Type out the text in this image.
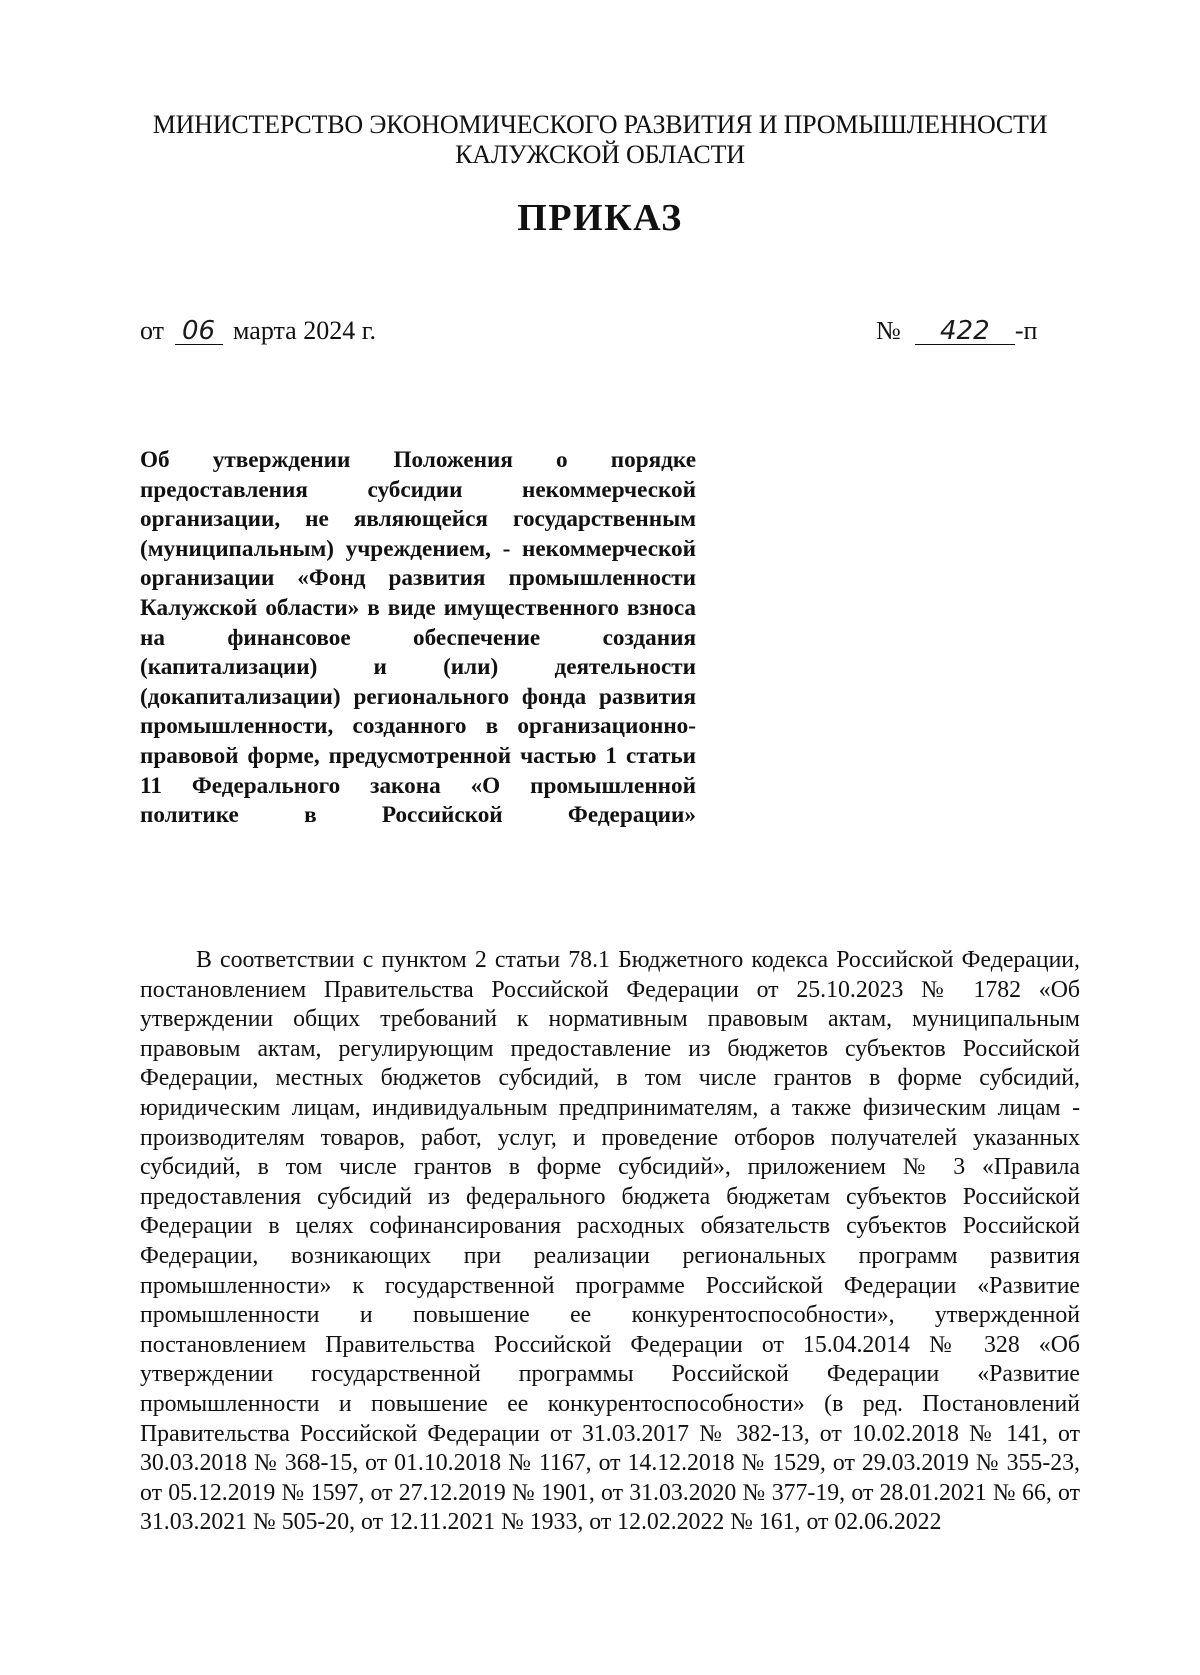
МИНИСТЕРСТВО ЭКОНОМИЧЕСКОГО РАЗВИТИЯ И ПРОМЫШЛЕННОСТИ
КАЛУЖСКОЙ ОБЛАСТИ
ПРИКАЗ
от 06 марта 2024 г.	№ 422 -п

Об утверждении Положения о порядке предоставления субсидии некоммерческой организации, не являющейся государственным (муниципальным) учреждением, - некоммерческой организации «Фонд развития промышленности Калужской области» в виде имущественного взноса на финансовое обеспечение создания (капитализации) и (или) деятельности (докапитализации) регионального фонда развития промышленности, созданного в организационно-правовой форме, предусмотренной частью 1 статьи 11 Федерального закона «О промышленной политике в Российской Федерации»

В соответствии с пунктом 2 статьи 78.1 Бюджетного кодекса Российской Федерации, постановлением Правительства Российской Федерации от 25.10.2023 № 1782 «Об утверждении общих требований к нормативным правовым актам, муниципальным правовым актам, регулирующим предоставление из бюджетов субъектов Российской Федерации, местных бюджетов субсидий, в том числе грантов в форме субсидий, юридическим лицам, индивидуальным предпринимателям, а также физическим лицам - производителям товаров, работ, услуг, и проведение отборов получателей указанных субсидий, в том числе грантов в форме субсидий», приложением № 3 «Правила предоставления субсидий из федерального бюджета бюджетам субъектов Российской Федерации в целях софинансирования расходных обязательств субъектов Российской Федерации, возникающих при реализации региональных программ развития промышленности» к государственной программе Российской Федерации «Развитие промышленности и повышение ее конкурентоспособности», утвержденной постановлением Правительства Российской Федерации от 15.04.2014 № 328 «Об утверждении государственной программы Российской Федерации «Развитие промышленности и повышение ее конкурентоспособности» (в ред. Постановлений Правительства Российской Федерации от 31.03.2017 № 382-13, от 10.02.2018 № 141, от 30.03.2018 № 368-15, от 01.10.2018 № 1167, от 14.12.2018 № 1529, от 29.03.2019 № 355-23, от 05.12.2019 № 1597, от 27.12.2019 № 1901, от 31.03.2020 № 377-19, от 28.01.2021 № 66, от 31.03.2021 № 505-20, от 12.11.2021 № 1933, от 12.02.2022 № 161, от 02.06.2022
